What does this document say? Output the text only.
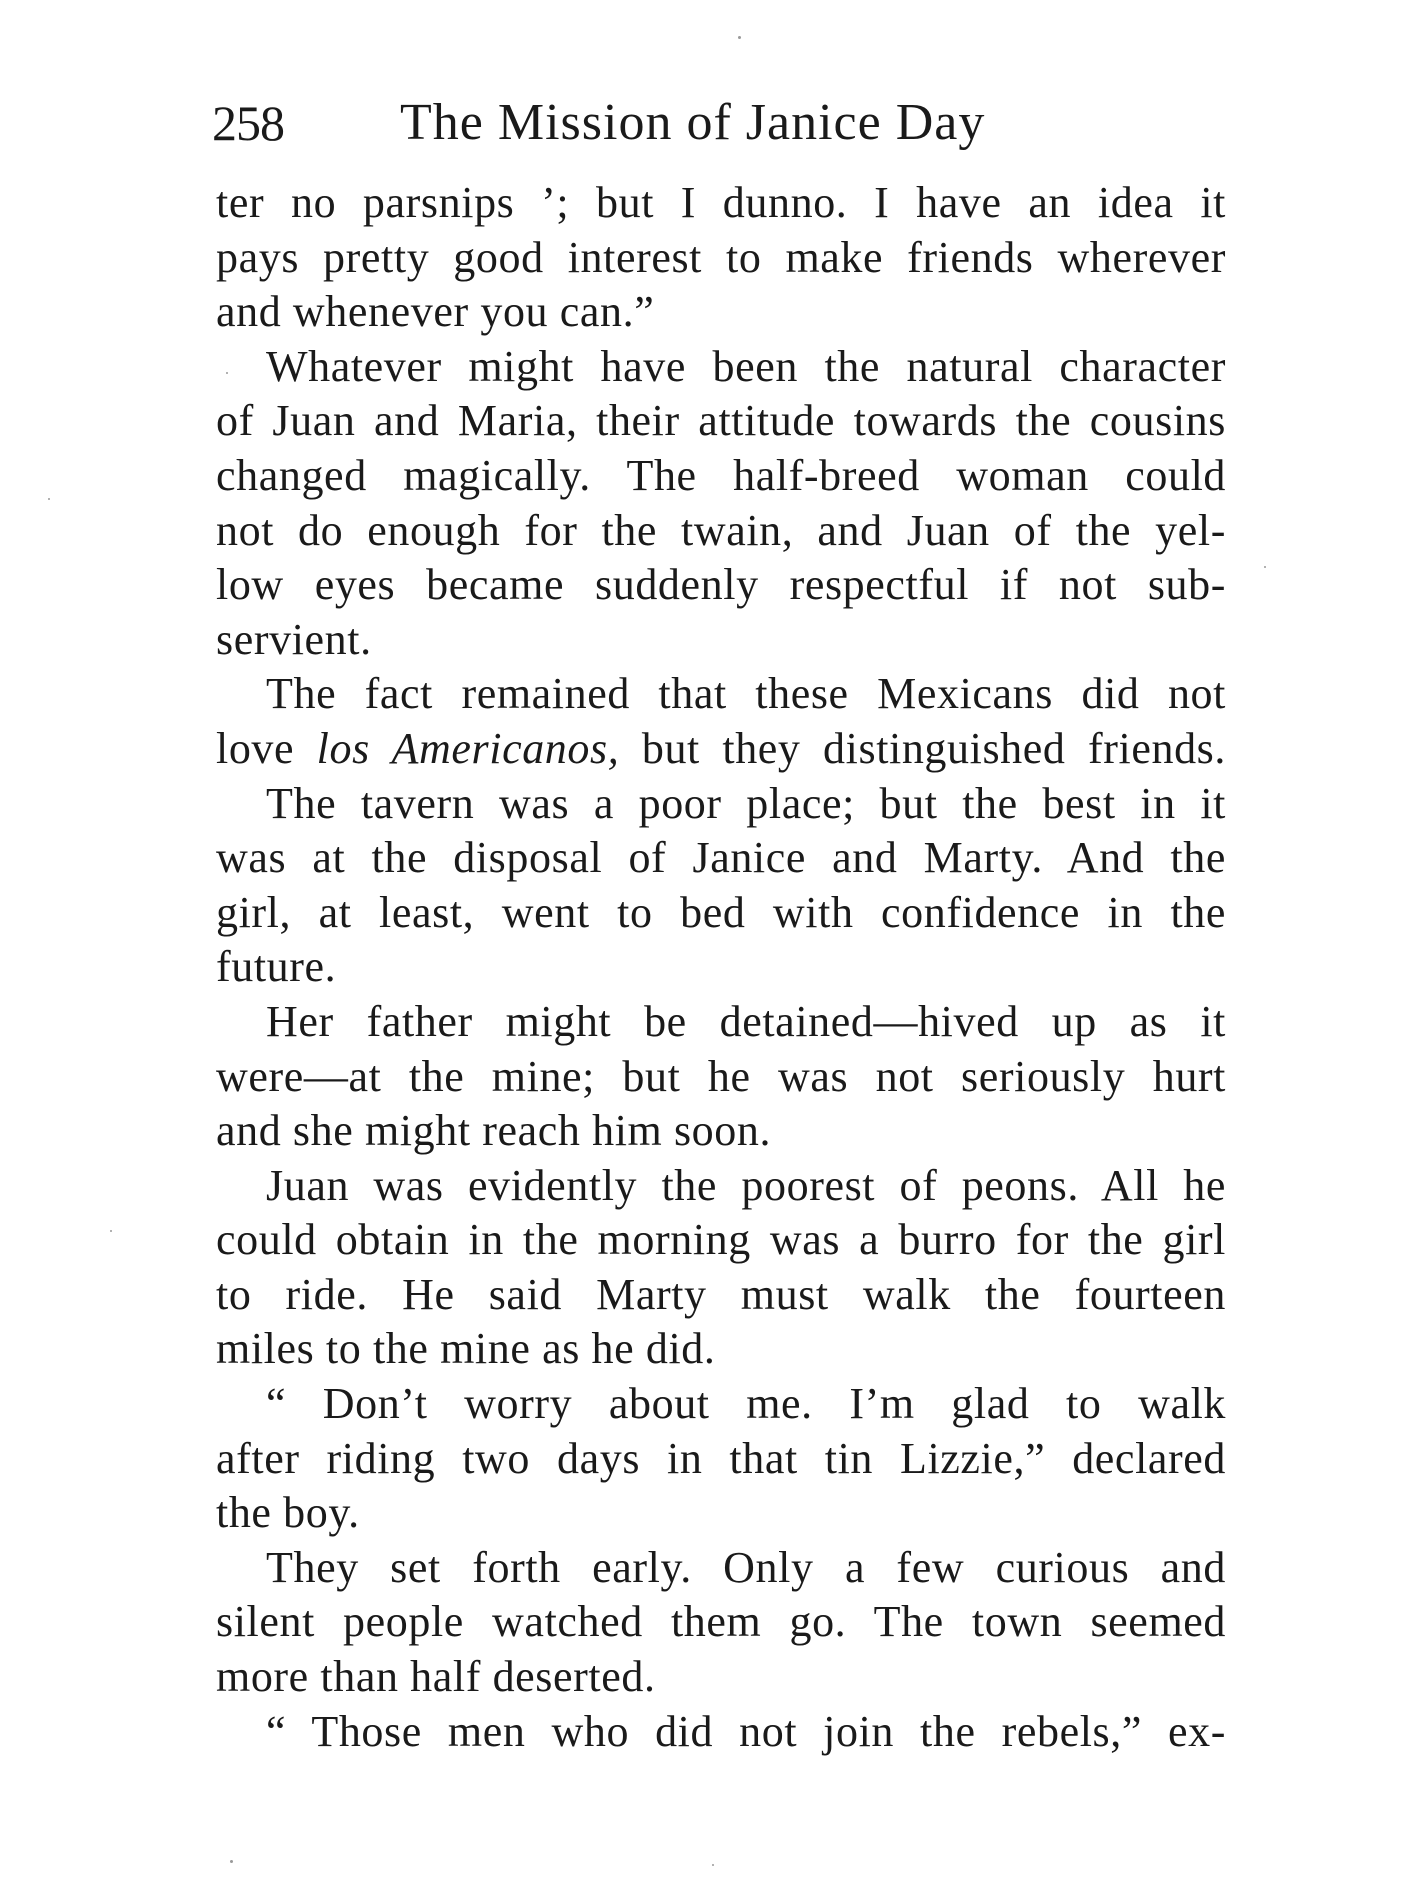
258 The Mission of Janice Day
ter no parsnips ’; but I dunno. I have an idea it
pays pretty good interest to make friends wherever
and whenever you can.”
Whatever might have been the natural character
of Juan and Maria, their attitude towards the cousins
changed magically. The half-breed woman could
not do enough for the twain, and Juan of the yel-
low eyes became suddenly respectful if not sub-
servient.
The fact remained that these Mexicans did not
love los Americanos, but they distinguished friends.
The tavern was a poor place; but the best in it
was at the disposal of Janice and Marty. And the
girl, at least, went to bed with confidence in the
future.
Her father might be detained—hived up as it
were—at the mine; but he was not seriously hurt
and she might reach him soon.
Juan was evidently the poorest of peons. All he
could obtain in the morning was a burro for the girl
to ride. He said Marty must walk the fourteen
miles to the mine as he did.
“ Don’t worry about me. I’m glad to walk
after riding two days in that tin Lizzie,” declared
the boy.
They set forth early. Only a few curious and
silent people watched them go. The town seemed
more than half deserted.
“ Those men who did not join the rebels,” ex-
